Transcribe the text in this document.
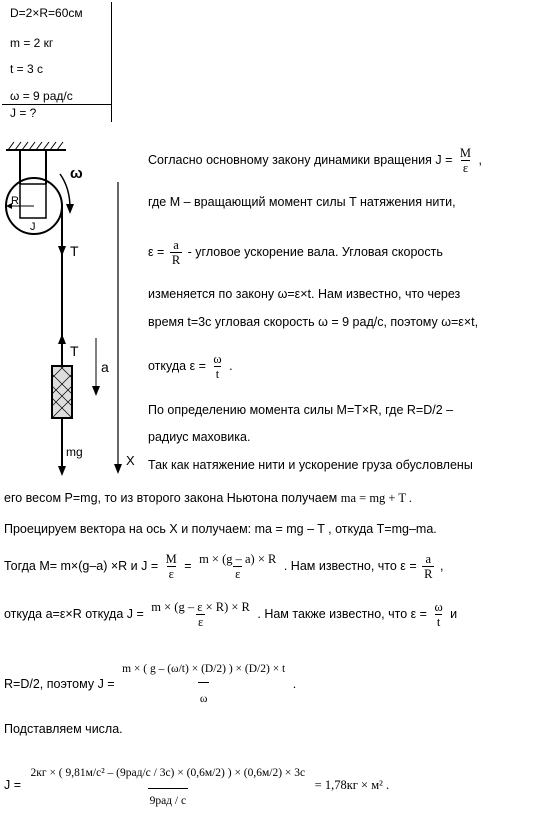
D=2×R=60см
m = 2 кг
t = 3 с
ω = 9 рад/с
J = ?
R
J
ω
T
T
a
mg
X
Согласно основному закону динамики вращения $J = \frac{M}{\varepsilon}$ ,
где M – вращающий момент силы T натяжения нити,
$\varepsilon = \frac{a}{R}$ - угловое ускорение вала. Угловая скорость
изменяется по закону ω=ε×t. Нам известно, что через
время t=3с угловая скорость ω = 9 рад/с, поэтому ω=ε×t,
откуда $\varepsilon = \frac{\omega}{t}$ .
По определению момента силы M=T×R, где R=D/2 –
радиус маховика.
Так как натяжение нити и ускорение груза обусловлены
его весом P=mg, то из второго закона Ньютона получаем ma = mg + T .
Проецируем вектора на ось X и получаем: ma = mg – T , откуда T=mg–ma.
Тогда M= m×(g–a) ×R и $J = \frac{M}{\varepsilon} = \frac{m \times (g - a) \times R}{\varepsilon}$ . Нам известно, что $\varepsilon = \frac{a}{R}$ ,
откуда a=ε×R откуда $J = \frac{m \times (g - \varepsilon \times R) \times R}{\varepsilon}$ . Нам также известно, что $\varepsilon = \frac{\omega}{t}$ и
R=D/2, поэтому $J = \frac{m \times ( g - (\omega/t) \times (D/2) ) \times (D/2) \times t}{\omega}$ .
Подставляем числа.
J =
2кг × ( 9,81м/с² – (9рад/с / 3с) × (0,6м/2) ) × (0,6м/2) × 3с
9рад / с
= 1,78кг × м² .
